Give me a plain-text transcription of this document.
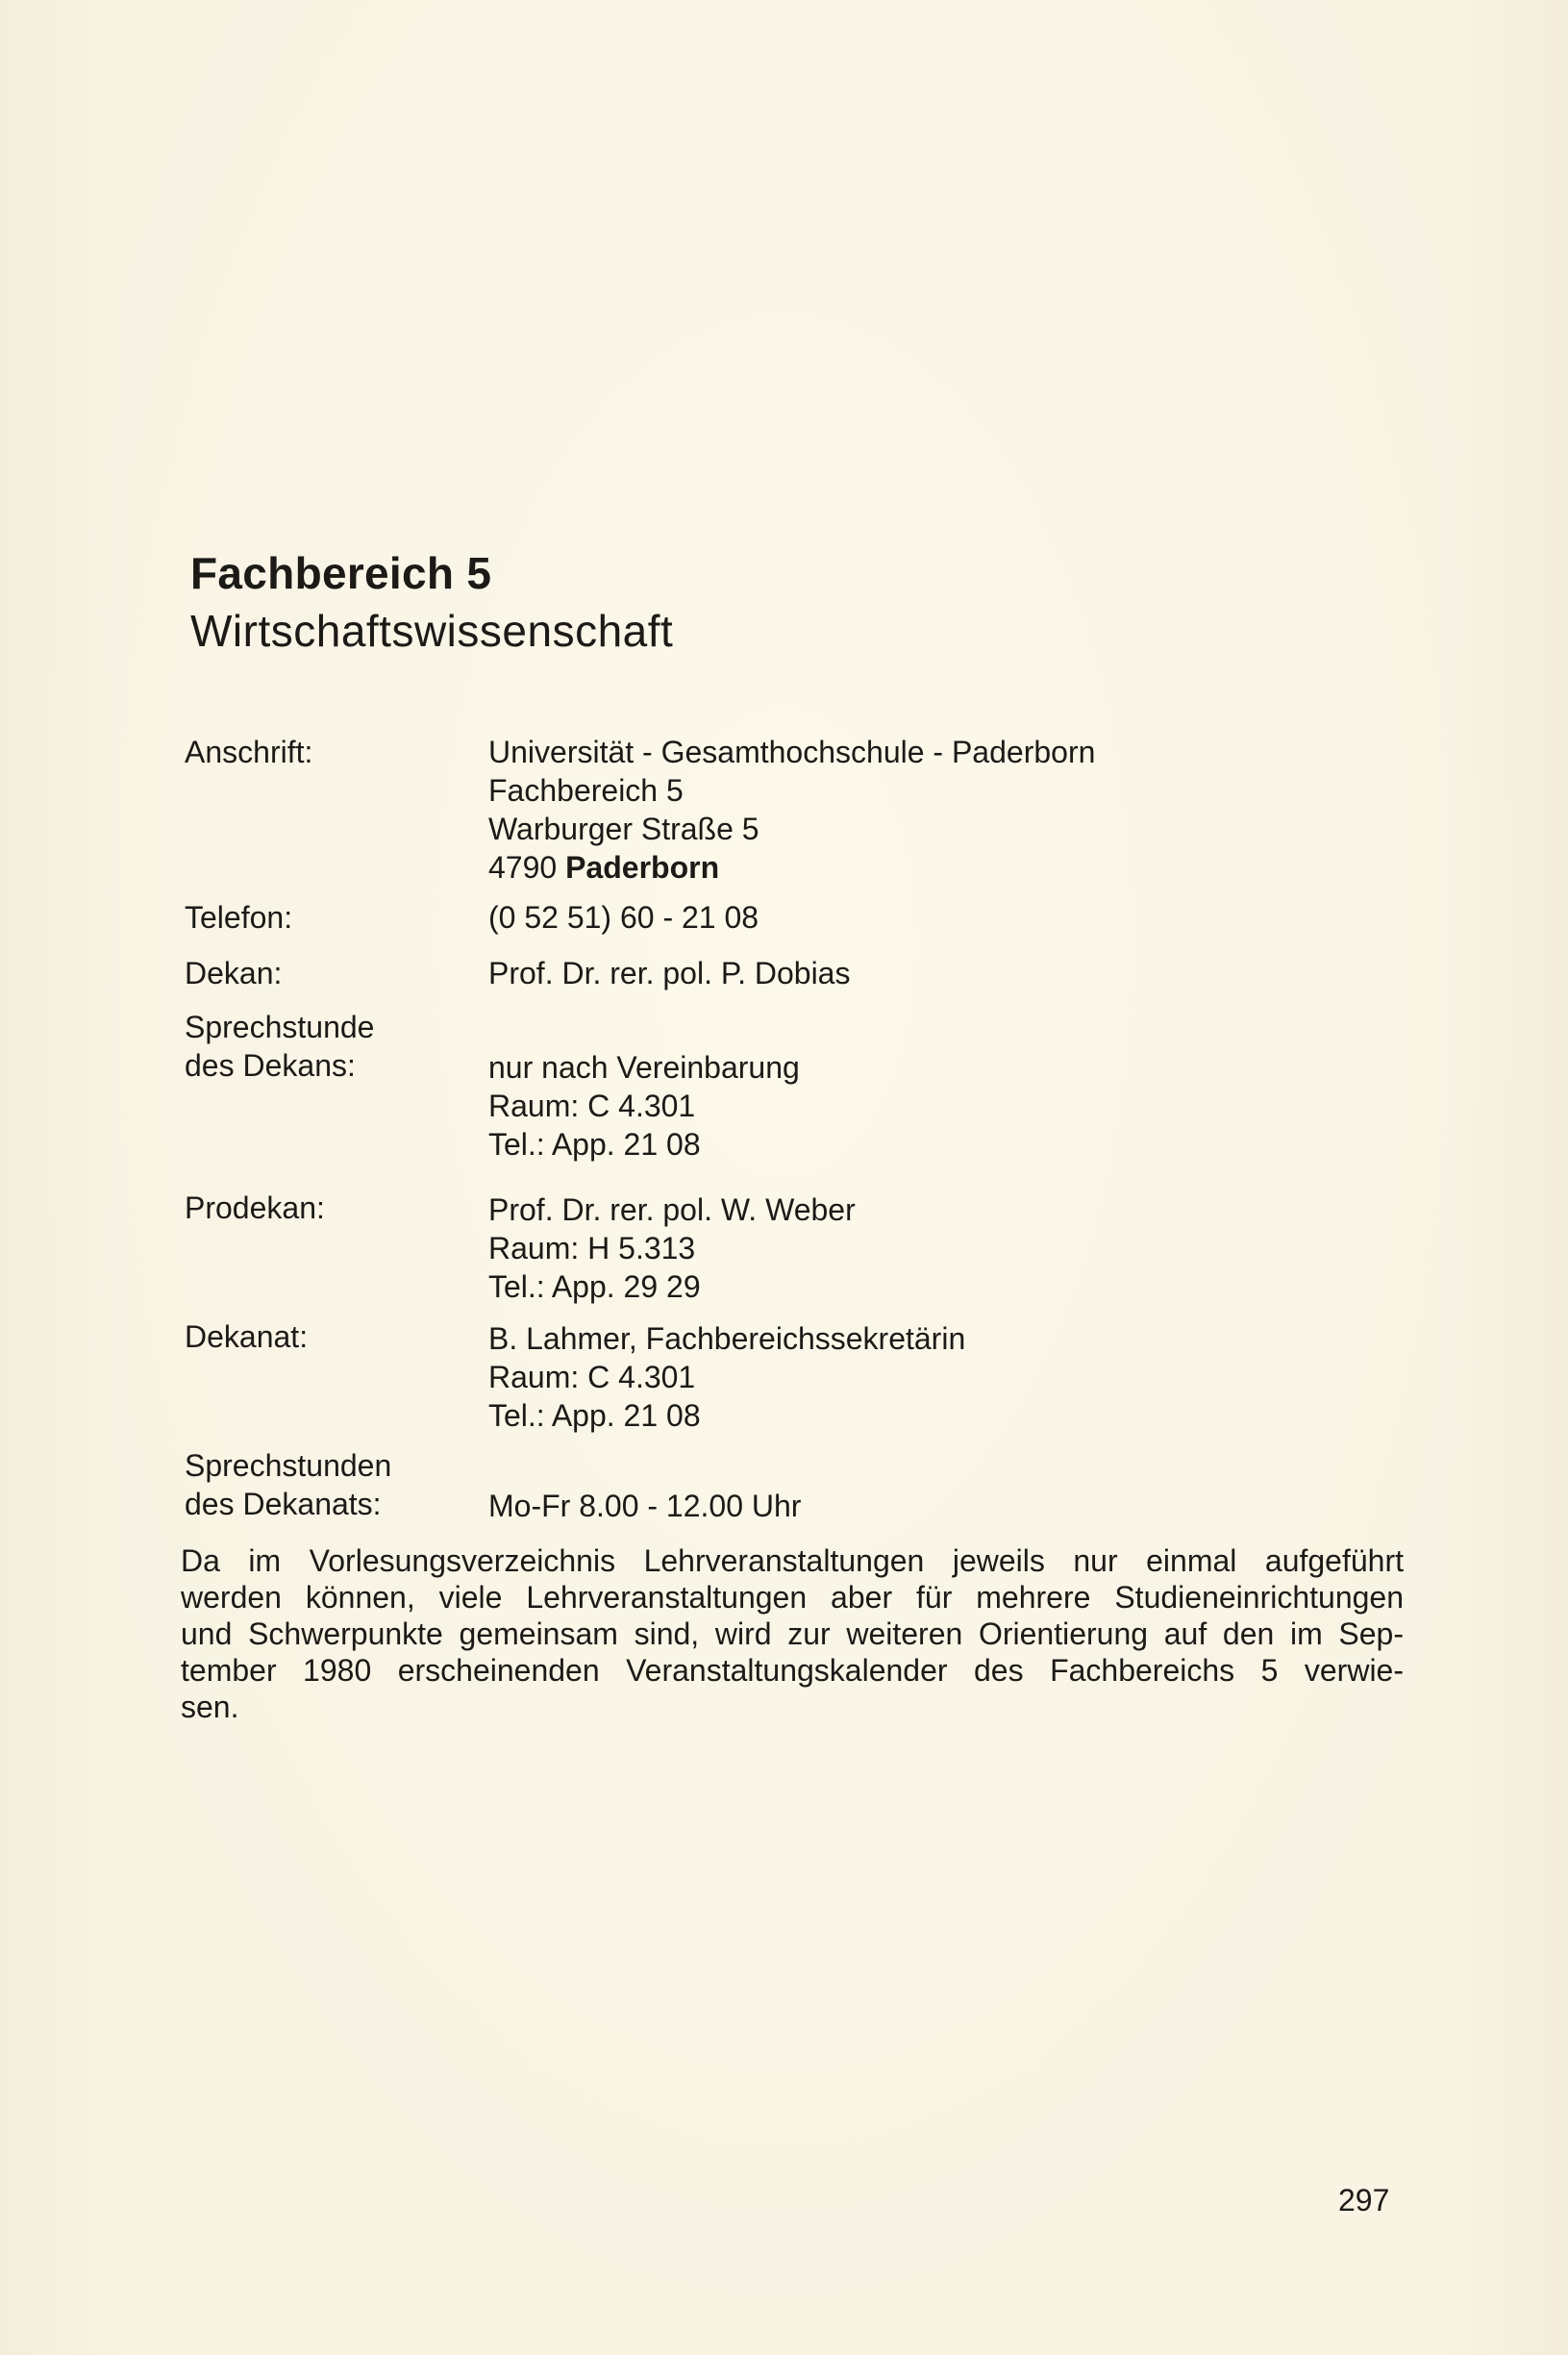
Fachbereich 5
Wirtschaftswissenschaft
Anschrift:	Universität - Gesamthochschule - Paderborn
Fachbereich 5
Warburger Straße 5
4790 Paderborn
Telefon:	(0 52 51) 60 - 21 08
Dekan:	Prof. Dr. rer. pol. P. Dobias
Sprechstunde
des Dekans:	nur nach Vereinbarung
Raum: C 4.301
Tel.: App. 21 08
Prodekan:	Prof. Dr. rer. pol. W. Weber
Raum: H 5.313
Tel.: App. 29 29
Dekanat:	B. Lahmer, Fachbereichssekretärin
Raum: C 4.301
Tel.: App. 21 08
Sprechstunden
des Dekanats:	Mo-Fr 8.00 - 12.00 Uhr
Da im Vorlesungsverzeichnis Lehrveranstaltungen jeweils nur einmal aufgeführt
werden können, viele Lehrveranstaltungen aber für mehrere Studieneinrichtungen
und Schwerpunkte gemeinsam sind, wird zur weiteren Orientierung auf den im Sep-
tember 1980 erscheinenden Veranstaltungskalender des Fachbereichs 5 verwie-
sen.
297
